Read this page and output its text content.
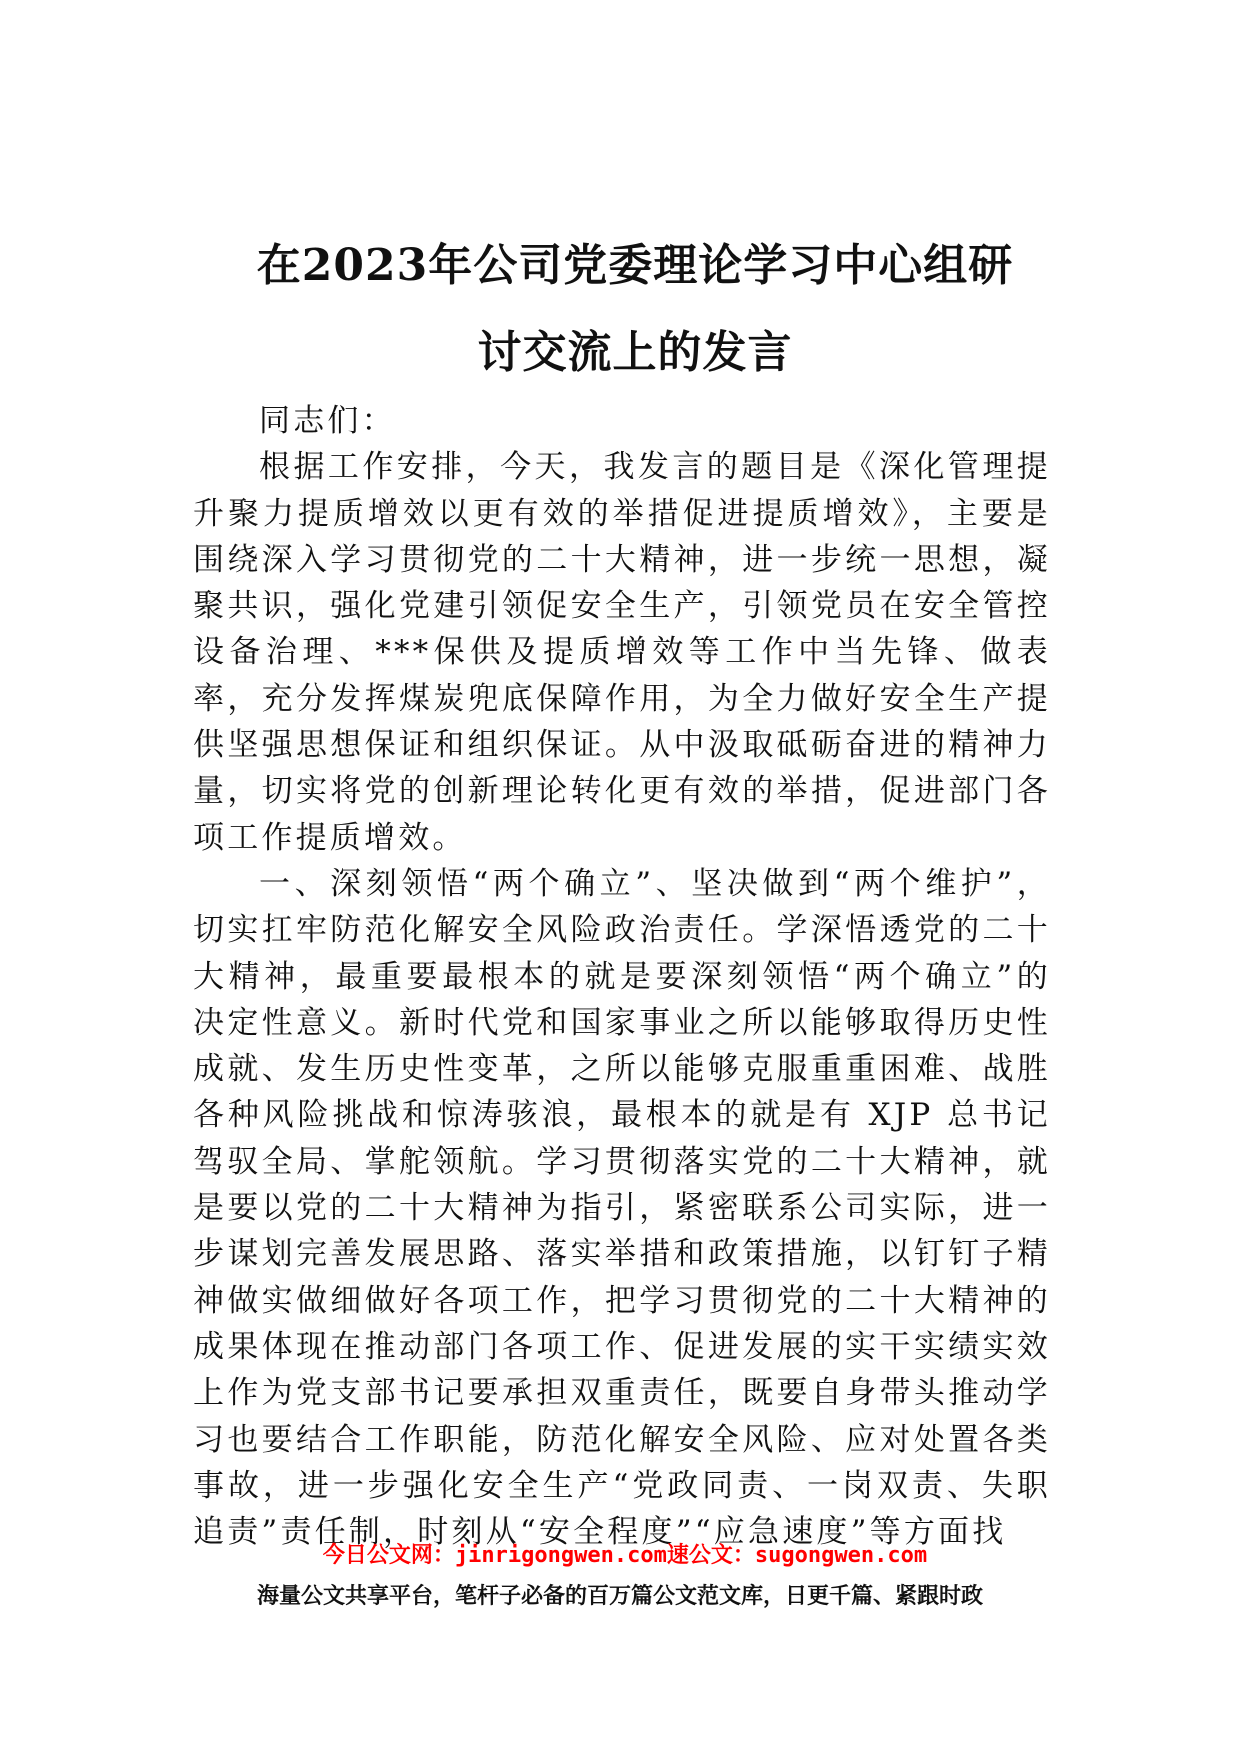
在2023年公司党委理论学习中心组研
讨交流上的发言

同志们：

根据工作安排，今天，我发言的题目是《深化管理提升聚力提质增效以更有效的举措促进提质增效》，主要是围绕深入学习贯彻党的二十大精神，进一步统一思想，凝聚共识，强化党建引领促安全生产，引领党员在安全管控设备治理、***保供及提质增效等工作中当先锋、做表率，充分发挥煤炭兜底保障作用，为全力做好安全生产提供坚强思想保证和组织保证。从中汲取砥砺奋进的精神力量，切实将党的创新理论转化更有效的举措，促进部门各项工作提质增效。

一、深刻领悟“两个确立”、坚决做到“两个维护”，切实扛牢防范化解安全风险政治责任。学深悟透党的二十大精神，最重要最根本的就是要深刻领悟“两个确立”的决定性意义。新时代党和国家事业之所以能够取得历史性成就、发生历史性变革，之所以能够克服重重困难、战胜各种风险挑战和惊涛骇浪，最根本的就是有 XJP 总书记驾驭全局、掌舵领航。学习贯彻落实党的二十大精神，就是要以党的二十大精神为指引，紧密联系公司实际，进一步谋划完善发展思路、落实举措和政策措施，以钉钉子精神做实做细做好各项工作，把学习贯彻党的二十大精神的成果体现在推动部门各项工作、促进发展的实干实绩实效上作为党支部书记要承担双重责任，既要自身带头推动学习也要结合工作职能，防范化解安全风险、应对处置各类事故，进一步强化安全生产“党政同责、一岗双责、失职追责”责任制，时刻从“安全程度”“应急速度”等方面找

今日公文网：jinrigongwen.com速公文：sugongwen.com
海量公文共享平台，笔杆子必备的百万篇公文范文库，日更千篇、紧跟时政
